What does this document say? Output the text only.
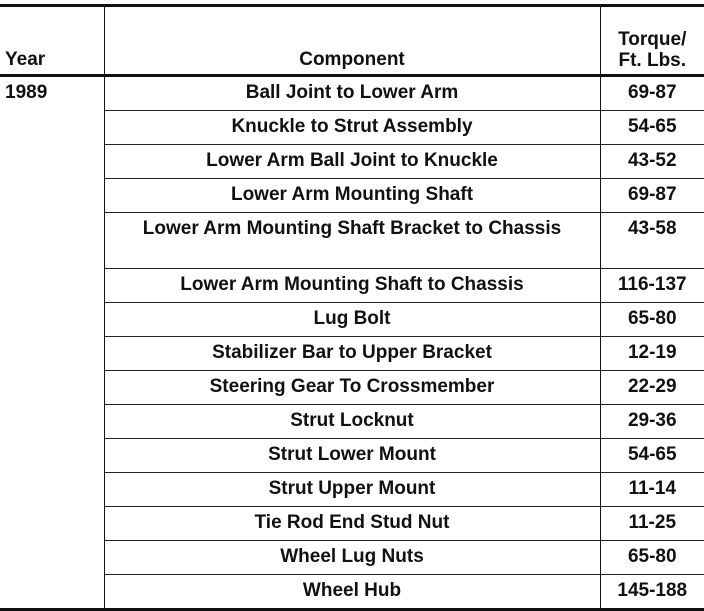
Year	Component	Torque/
Ft. Lbs.

1989	Ball Joint to Lower Arm	69-87
	Knuckle to Strut Assembly	54-65
	Lower Arm Ball Joint to Knuckle	43-52
	Lower Arm Mounting Shaft	69-87
	Lower Arm Mounting Shaft Bracket to Chassis	43-58
	Lower Arm Mounting Shaft to Chassis	116-137
	Lug Bolt	65-80
	Stabilizer Bar to Upper Bracket	12-19
	Steering Gear To Crossmember	22-29
	Strut Locknut	29-36
	Strut Lower Mount	54-65
	Strut Upper Mount	11-14
	Tie Rod End Stud Nut	11-25
	Wheel Lug Nuts	65-80
	Wheel Hub	145-188
